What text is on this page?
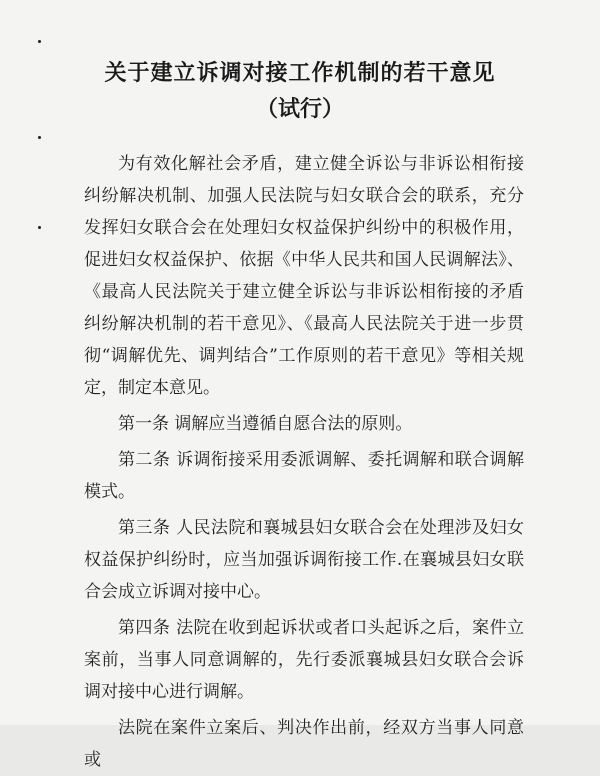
关于建立诉调对接工作机制的若干意见
（试行）

为有效化解社会矛盾，建立健全诉讼与非诉讼相衔接纠纷解决机制、加强人民法院与妇女联合会的联系，充分发挥妇女联合会在处理妇女权益保护纠纷中的积极作用，促进妇女权益保护、依据《中华人民共和国人民调解法》、《最高人民法院关于建立健全诉讼与非诉讼相衔接的矛盾纠纷解决机制的若干意见》、《最高人民法院关于进一步贯彻“调解优先、调判结合”工作原则的若干意见》等相关规定，制定本意见。

第一条 调解应当遵循自愿合法的原则。

第二条 诉调衔接采用委派调解、委托调解和联合调解模式。

第三条 人民法院和襄城县妇女联合会在处理涉及妇女权益保护纠纷时，应当加强诉调衔接工作.在襄城县妇女联合会成立诉调对接中心。

第四条 法院在收到起诉状或者口头起诉之后，案件立案前，当事人同意调解的，先行委派襄城县妇女联合会诉调对接中心进行调解。

法院在案件立案后、判决作出前，经双方当事人同意或
